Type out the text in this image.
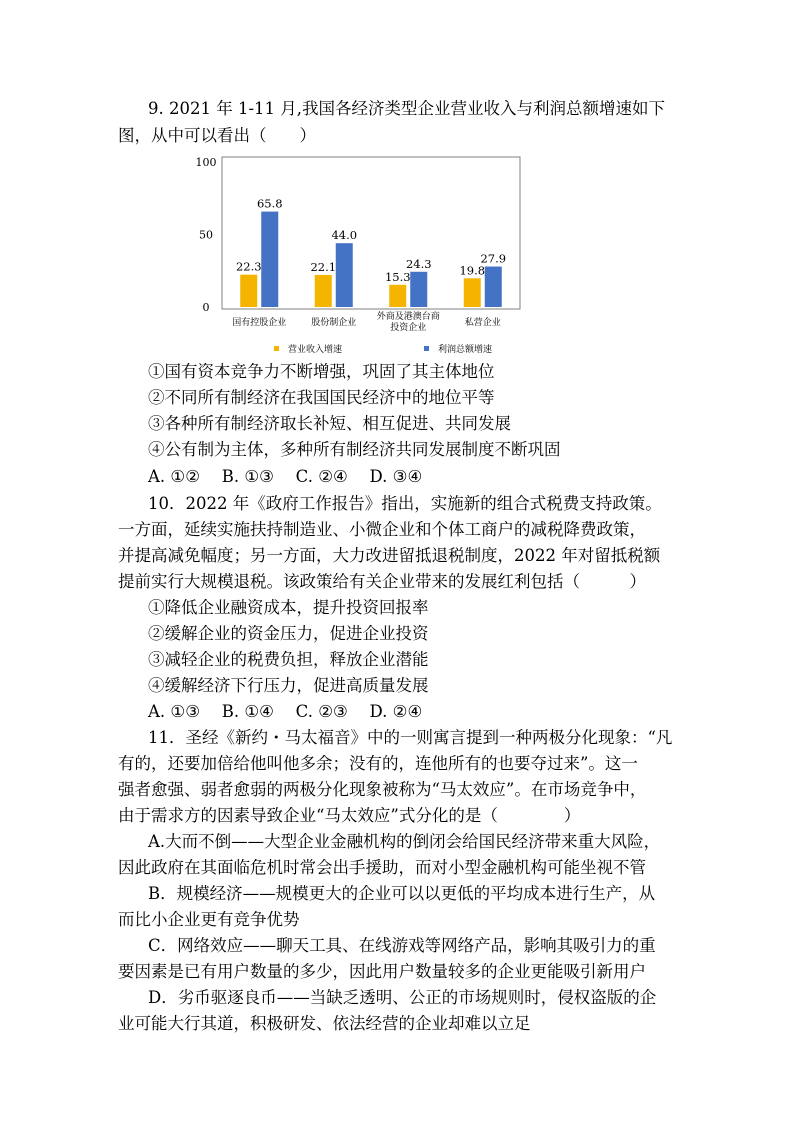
9. 2021 年 1-11 月,我国各经济类型企业营业收入与利润总额增速如下
图，从中可以看出（　　）
100
50
0
22.3
65.8
国有控股企业
22.1
44.0
股份制企业
15.3
24.3
外商及港澳台商
投资企业
19.8
27.9
私营企业
营业收入增速	利润总额增速
①国有资本竞争力不断增强，巩固了其主体地位
②不同所有制经济在我国国民经济中的地位平等
③各种所有制经济取长补短、相互促进、共同发展
④公有制为主体，多种所有制经济共同发展制度不断巩固
A. ①②　 B. ①③　 C. ②④　 D. ③④
10．2022 年《政府工作报告》指出，实施新的组合式税费支持政策。
一方面，延续实施扶持制造业、小微企业和个体工商户的减税降费政策，
并提高减免幅度；另一方面，大力改进留抵退税制度，2022 年对留抵税额
提前实行大规模退税。该政策给有关企业带来的发展红利包括（　　　）
①降低企业融资成本，提升投资回报率
②缓解企业的资金压力，促进企业投资
③减轻企业的税费负担，释放企业潜能
④缓解经济下行压力，促进高质量发展
A. ①③　 B. ①④　 C. ②③　 D. ②④
11．圣经《新约・马太福音》中的一则寓言提到一种两极分化现象：“凡
有的，还要加倍给他叫他多余；没有的，连他所有的也要夺过来”。这一
强者愈强、弱者愈弱的两极分化现象被称为“马太效应”。在市场竞争中，
由于需求方的因素导致企业“马太效应”式分化的是（　　　　）
A.大而不倒——大型企业金融机构的倒闭会给国民经济带来重大风险，
因此政府在其面临危机时常会出手援助，而对小型金融机构可能坐视不管
B．规模经济——规模更大的企业可以以更低的平均成本进行生产，从
而比小企业更有竞争优势
C．网络效应——聊天工具、在线游戏等网络产品，影响其吸引力的重
要因素是已有用户数量的多少，因此用户数量较多的企业更能吸引新用户
D．劣币驱逐良币——当缺乏透明、公正的市场规则时，侵权盗版的企
业可能大行其道，积极研发、依法经营的企业却难以立足
